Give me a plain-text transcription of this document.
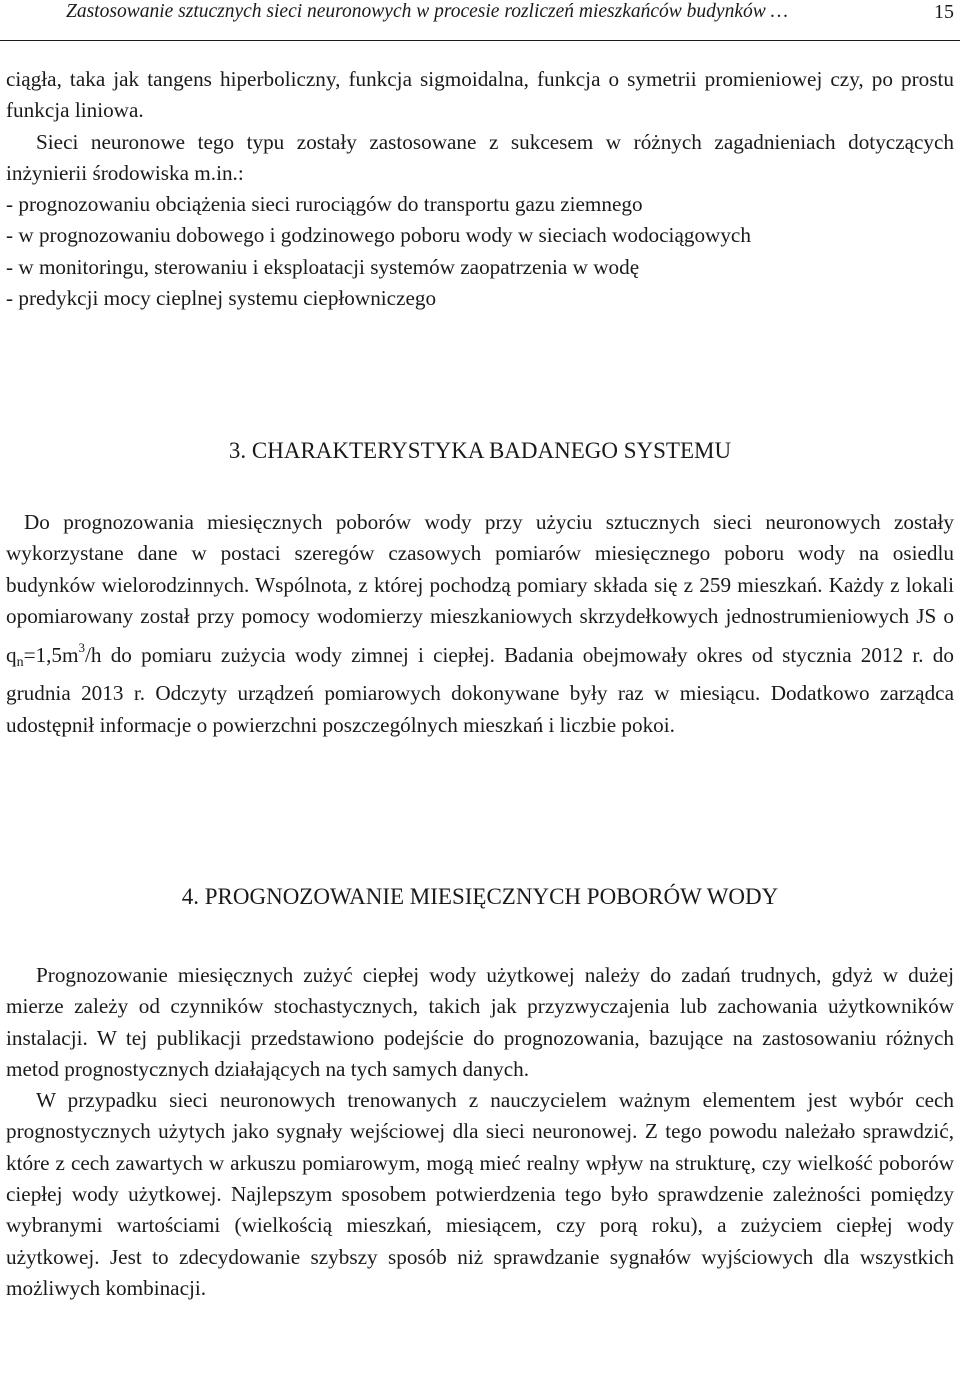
Zastosowanie sztucznych sieci neuronowych w procesie rozliczeń mieszkańców budynków …	15

ciągła, taka jak tangens hiperboliczny, funkcja sigmoidalna, funkcja o symetrii promieniowej czy, po prostu funkcja liniowa.

Sieci neuronowe tego typu zostały zastosowane z sukcesem w różnych zagadnieniach dotyczących inżynierii środowiska m.in.:

- prognozowaniu obciążenia sieci rurociągów do transportu gazu ziemnego

- w prognozowaniu dobowego i godzinowego poboru wody w sieciach wodociągowych

- w monitoringu, sterowaniu i eksploatacji systemów zaopatrzenia w wodę

- predykcji mocy cieplnej systemu ciepłowniczego

3. CHARAKTERYSTYKA BADANEGO SYSTEMU

Do prognozowania miesięcznych poborów wody przy użyciu sztucznych sieci neuronowych zostały wykorzystane dane w postaci szeregów czasowych pomiarów miesięcznego poboru wody na osiedlu budynków wielorodzinnych. Wspólnota, z której pochodzą pomiary składa się z 259 mieszkań. Każdy z lokali opomiarowany został przy pomocy wodomierzy mieszkaniowych skrzydełkowych jednostrumieniowych JS o $qn=1,5m^3/h$ do pomiaru zużycia wody zimnej i ciepłej. Badania obejmowały okres od stycznia 2012 r. do grudnia 2013 r. Odczyty urządzeń pomiarowych dokonywane były raz w miesiącu. Dodatkowo zarządca udostępnił informacje o powierzchni poszczególnych mieszkań i liczbie pokoi.

4. PROGNOZOWANIE MIESIĘCZNYCH POBORÓW WODY

Prognozowanie miesięcznych zużyć ciepłej wody użytkowej należy do zadań trudnych, gdyż w dużej mierze zależy od czynników stochastycznych, takich jak przyzwyczajenia lub zachowania użytkowników instalacji. W tej publikacji przedstawiono podejście do prognozowania, bazujące na zastosowaniu różnych metod prognostycznych działających na tych samych danych.

W przypadku sieci neuronowych trenowanych z nauczycielem ważnym elementem jest wybór cech prognostycznych użytych jako sygnały wejściowej dla sieci neuronowej. Z tego powodu należało sprawdzić, które z cech zawartych w arkuszu pomiarowym, mogą mieć realny wpływ na strukturę, czy wielkość poborów ciepłej wody użytkowej. Najlepszym sposobem potwierdzenia tego było sprawdzenie zależności pomiędzy wybranymi wartościami (wielkością mieszkań, miesiącem, czy porą roku), a zużyciem ciepłej wody użytkowej. Jest to zdecydowanie szybszy sposób niż sprawdzanie sygnałów wyjściowych dla wszystkich możliwych kombinacji.
